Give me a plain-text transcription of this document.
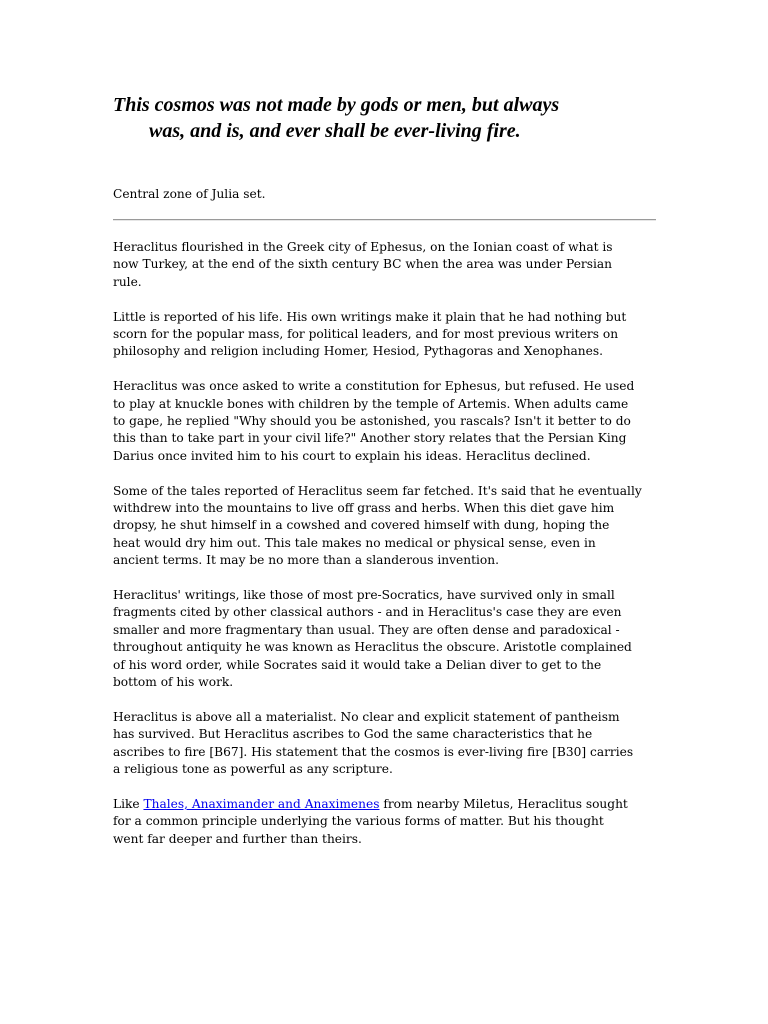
This cosmos was not made by gods or men, but always
was, and is, and ever shall be ever-living fire.

Central zone of Julia set.

Heraclitus flourished in the Greek city of Ephesus, on the Ionian coast of what is
now Turkey, at the end of the sixth century BC when the area was under Persian
rule.

Little is reported of his life. His own writings make it plain that he had nothing but
scorn for the popular mass, for political leaders, and for most previous writers on
philosophy and religion including Homer, Hesiod, Pythagoras and Xenophanes.

Heraclitus was once asked to write a constitution for Ephesus, but refused. He used
to play at knuckle bones with children by the temple of Artemis. When adults came
to gape, he replied "Why should you be astonished, you rascals? Isn't it better to do
this than to take part in your civil life?" Another story relates that the Persian King
Darius once invited him to his court to explain his ideas. Heraclitus declined.

Some of the tales reported of Heraclitus seem far fetched. It's said that he eventually
withdrew into the mountains to live off grass and herbs. When this diet gave him
dropsy, he shut himself in a cowshed and covered himself with dung, hoping the
heat would dry him out. This tale makes no medical or physical sense, even in
ancient terms. It may be no more than a slanderous invention.

Heraclitus' writings, like those of most pre-Socratics, have survived only in small
fragments cited by other classical authors - and in Heraclitus's case they are even
smaller and more fragmentary than usual. They are often dense and paradoxical -
throughout antiquity he was known as Heraclitus the obscure. Aristotle complained
of his word order, while Socrates said it would take a Delian diver to get to the
bottom of his work.

Heraclitus is above all a materialist. No clear and explicit statement of pantheism
has survived. But Heraclitus ascribes to God the same characteristics that he
ascribes to fire [B67]. His statement that the cosmos is ever-living fire [B30] carries
a religious tone as powerful as any scripture.

Like Thales, Anaximander and Anaximenes from nearby Miletus, Heraclitus sought
for a common principle underlying the various forms of matter. But his thought
went far deeper and further than theirs.
